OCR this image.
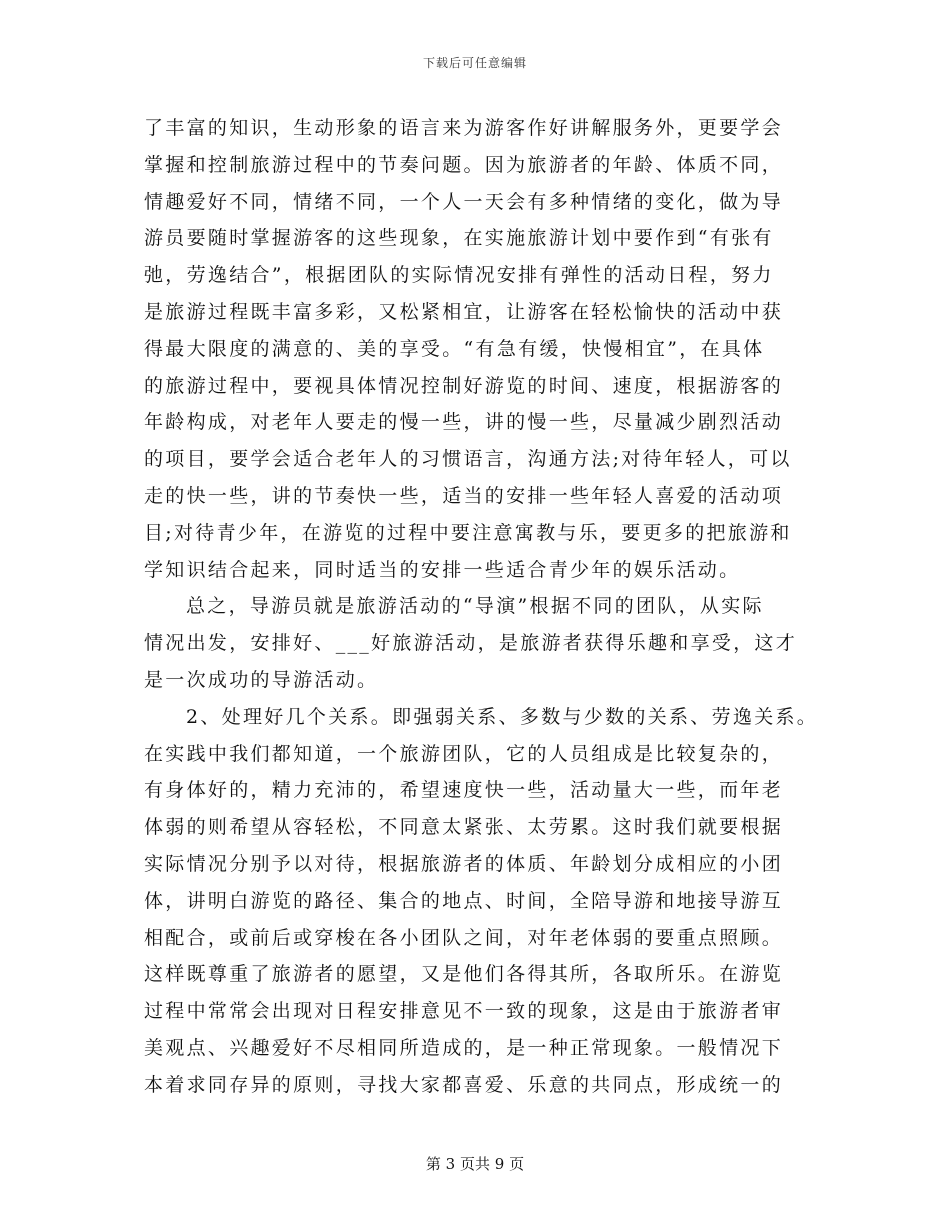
下载后可任意编辑
了丰富的知识，生动形象的语言来为游客作好讲解服务外，更要学会
掌握和控制旅游过程中的节奏问题。因为旅游者的年龄、体质不同，
情趣爱好不同，情绪不同，一个人一天会有多种情绪的变化，做为导
游员要随时掌握游客的这些现象，在实施旅游计划中要作到“有张有
弛，劳逸结合”，根据团队的实际情况安排有弹性的活动日程，努力
是旅游过程既丰富多彩，又松紧相宜，让游客在轻松愉快的活动中获
得最大限度的满意的、美的享受。“有急有缓，快慢相宜”，在具体
的旅游过程中，要视具体情况控制好游览的时间、速度，根据游客的
年龄构成，对老年人要走的慢一些，讲的慢一些，尽量减少剧烈活动
的项目，要学会适合老年人的习惯语言，沟通方法;对待年轻人，可以
走的快一些，讲的节奏快一些，适当的安排一些年轻人喜爱的活动项
目;对待青少年，在游览的过程中要注意寓教与乐，要更多的把旅游和
学知识结合起来，同时适当的安排一些适合青少年的娱乐活动。
总之，导游员就是旅游活动的“导演”根据不同的团队，从实际
情况出发，安排好、___好旅游活动，是旅游者获得乐趣和享受，这才
是一次成功的导游活动。
2、处理好几个关系。即强弱关系、多数与少数的关系、劳逸关系。
在实践中我们都知道，一个旅游团队，它的人员组成是比较复杂的，
有身体好的，精力充沛的，希望速度快一些，活动量大一些，而年老
体弱的则希望从容轻松，不同意太紧张、太劳累。这时我们就要根据
实际情况分别予以对待，根据旅游者的体质、年龄划分成相应的小团
体，讲明白游览的路径、集合的地点、时间，全陪导游和地接导游互
相配合，或前后或穿梭在各小团队之间，对年老体弱的要重点照顾。
这样既尊重了旅游者的愿望，又是他们各得其所，各取所乐。在游览
过程中常常会出现对日程安排意见不一致的现象，这是由于旅游者审
美观点、兴趣爱好不尽相同所造成的，是一种正常现象。一般情况下
本着求同存异的原则，寻找大家都喜爱、乐意的共同点，形成统一的
第 3 页共 9 页
